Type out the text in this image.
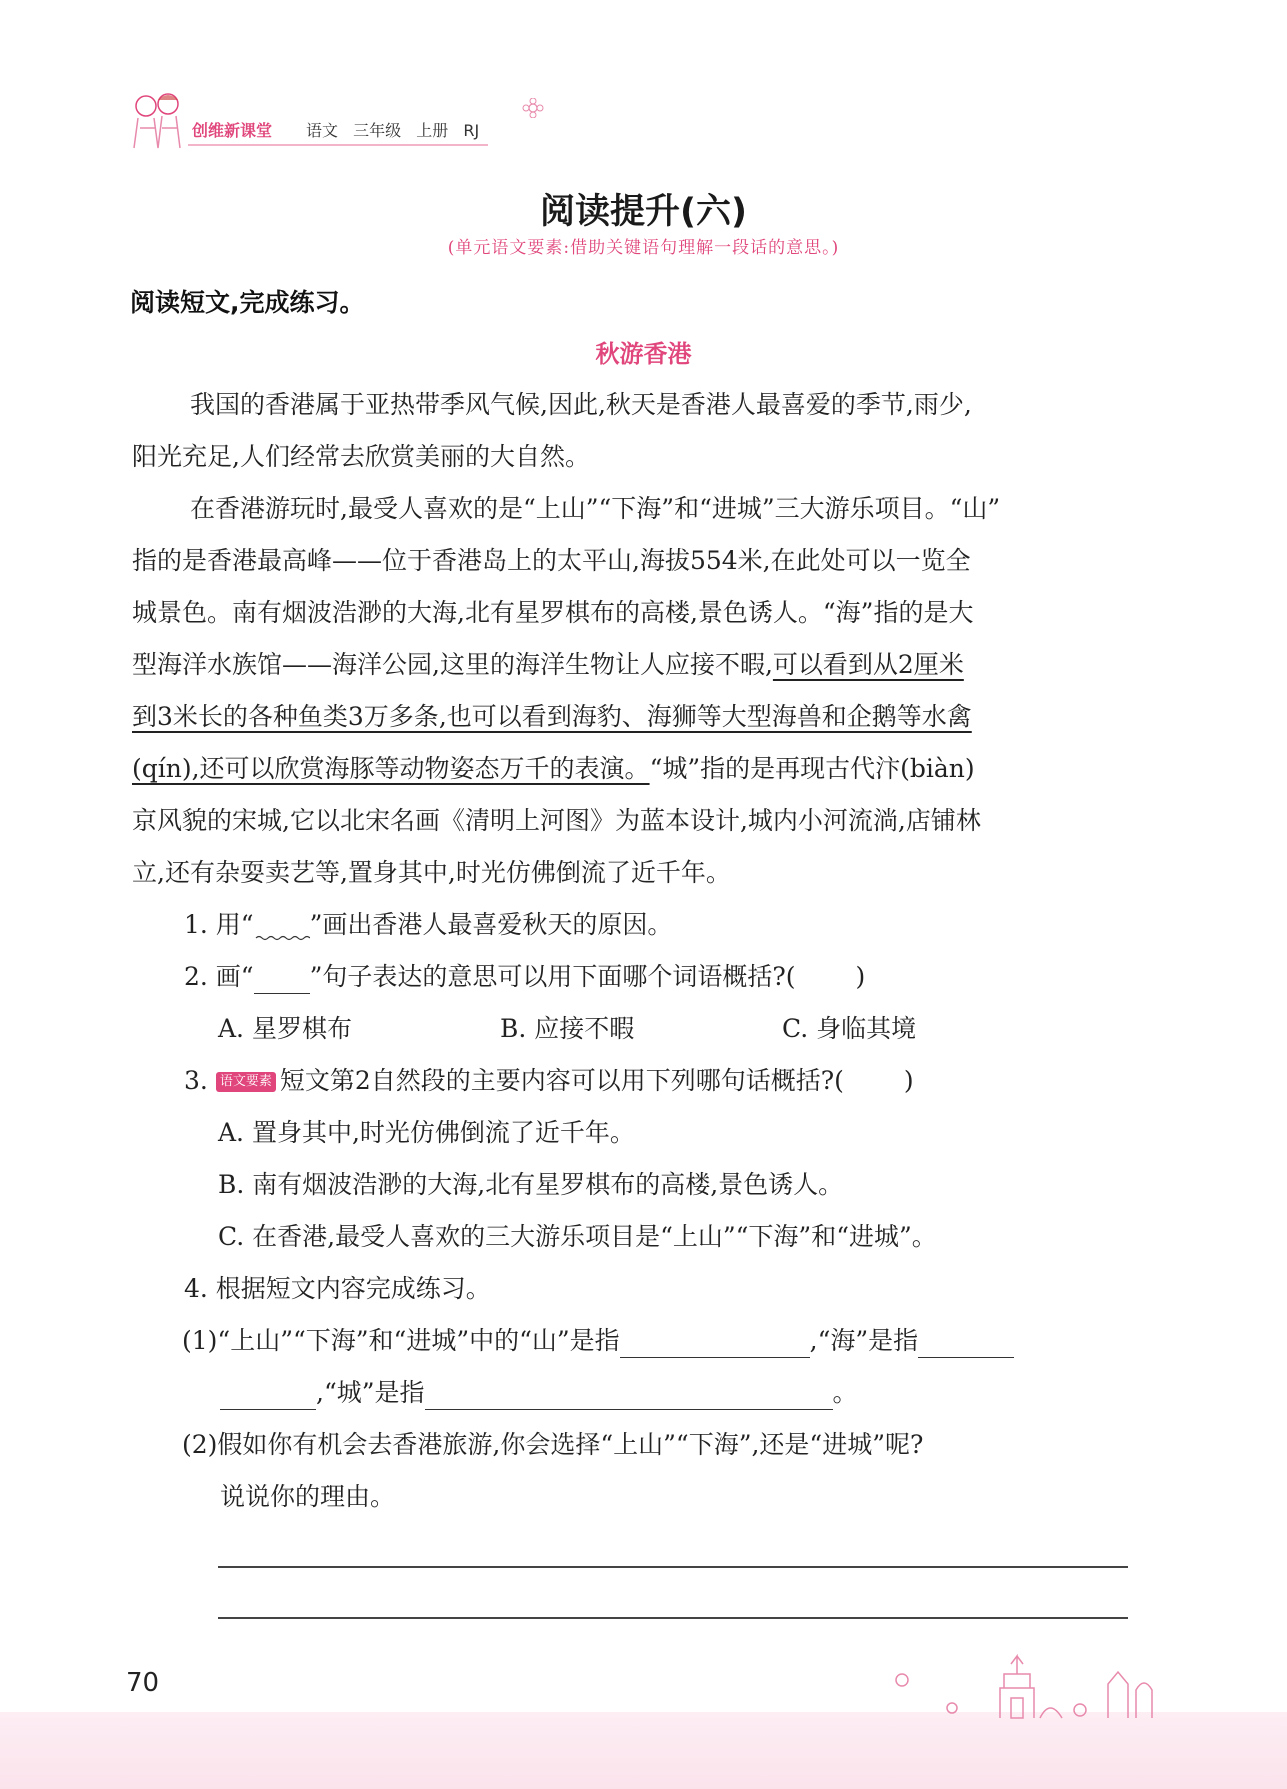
创维新课堂 语文 三年级 上册 RJ
阅读提升(六)
(单元语文要素:借助关键语句理解一段话的意思。)
阅读短文,完成练习。
秋游香港
我国的香港属于亚热带季风气候,因此,秋天是香港人最喜爱的季节,雨少,
阳光充足,人们经常去欣赏美丽的大自然。
在香港游玩时,最受人喜欢的是“上山”“下海”和“进城”三大游乐项目。“山”
指的是香港最高峰——位于香港岛上的太平山,海拔554米,在此处可以一览全
城景色。南有烟波浩渺的大海,北有星罗棋布的高楼,景色诱人。“海”指的是大
型海洋水族馆——海洋公园,这里的海洋生物让人应接不暇,可以看到从2厘米
到3米长的各种鱼类3万多条,也可以看到海豹、海狮等大型海兽和企鹅等水禽
(qín),还可以欣赏海豚等动物姿态万千的表演。“城”指的是再现古代汴(biàn)
京风貌的宋城,它以北宋名画《清明上河图》为蓝本设计,城内小河流淌,店铺林
立,还有杂耍卖艺等,置身其中,时光仿佛倒流了近千年。
1. 用“ ”画出香港人最喜爱秋天的原因。
2. 画“ ”句子表达的意思可以用下面哪个词语概括?( )
A. 星罗棋布	B. 应接不暇	C. 身临其境
3. 语文要素 短文第2自然段的主要内容可以用下列哪句话概括?( )
A. 置身其中,时光仿佛倒流了近千年。
B. 南有烟波浩渺的大海,北有星罗棋布的高楼,景色诱人。
C. 在香港,最受人喜欢的三大游乐项目是“上山”“下海”和“进城”。
4. 根据短文内容完成练习。
(1)“上山”“下海”和“进城”中的“山”是指	,“海”是指
,“城”是指	。
(2)假如你有机会去香港旅游,你会选择“上山”“下海”,还是“进城”呢?
说说你的理由。
70
